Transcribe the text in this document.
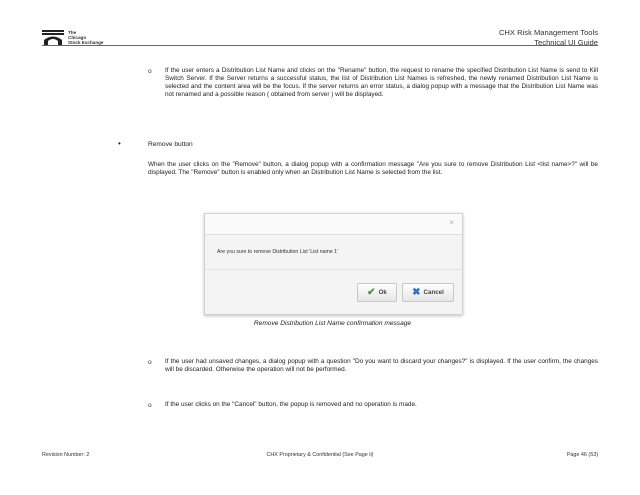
The
Chicago
Stock Exchange
CHX Risk Management Tools
Technical UI Guide
o If the user enters a Distribution List Name and clicks on the "Rename" button, the request to rename the specified Distribution List Name is send to Kill Switch Server. If the Server returns a successful status, the list of Distribution List Names is refreshed, the newly renamed Distribution List Name is selected and the content area will be the focus. If the server returns an error status, a dialog popup with a message that the Distribution List Name was not renamed and a possible reason ( obtained from server ) will be displayed.
•	Remove button
When the user clicks on the "Remove" button, a dialog popup with a confirmation message "Are you sure to remove Distribution List <list name>?" will be displayed. The "Remove" button is enabled only when an Distribution List Name is selected from the list.
×
Are you sure to remove Distribution List 'List name 1'
✔ Ok	✖ Cancel
Remove Distribution List Name confirmation message
o If the user had unsaved changes, a dialog popup with a question "Do you want to discard your changes?" is displayed. If the user confirm, the changes will be discarded. Otherwise the operation will not be performed.
o If the user clicks on the "Cancel" button, the popup is removed and no operation is made.
Revision Number: 2	CHX Proprietary & Confidential (See Page ii)	Page 46 (53)
